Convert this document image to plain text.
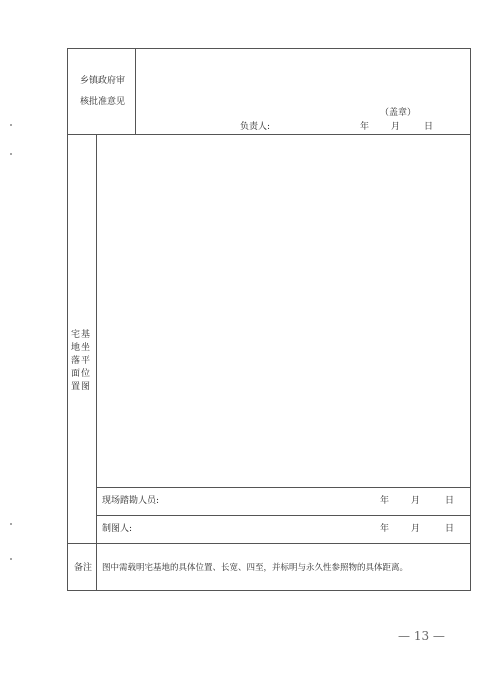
乡镇政府审
核批准意见
（盖章）
负责人:	年 月	日
宅基地坐落平面位置图
现场踏勘人员:	年 月	日
制图人:	年 月	日
备注 图中需载明宅基地的具体位置、长宽、四至，并标明与永久性参照物的具体距离。
— 13 —
